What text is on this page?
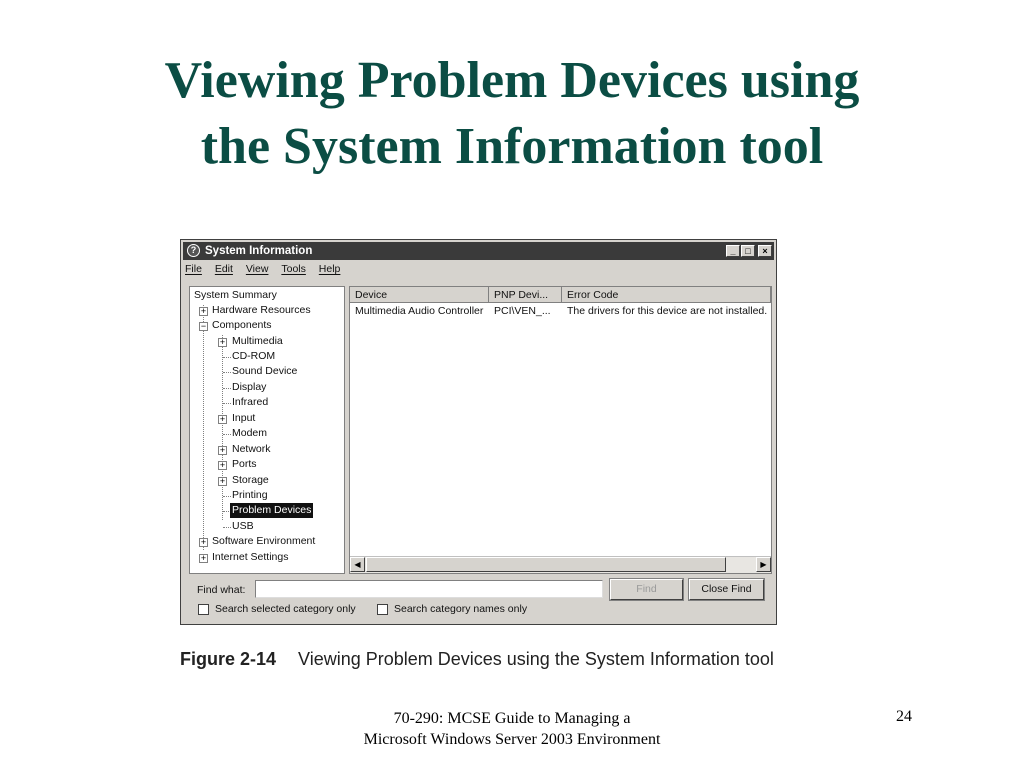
Viewing Problem Devices using
the System Information tool
? System Information	_	□	×
File Edit View Tools Help
System Summary
+ Hardware Resources
− Components
+ Multimedia
CD-ROM
Sound Device
Display
Infrared
+ Input
Modem
+ Network
+ Ports
+ Storage
Printing
Problem Devices
USB
+ Software Environment
+ Internet Settings
Device	PNP Devi...	Error Code
Multimedia Audio Controller	PCI\VEN_...	The drivers for this device are not installed.
◀	▶
Find what:	Find	Close Find
Search selected category only	Search category names only
Figure 2-14 Viewing Problem Devices using the System Information tool
70-290: MCSE Guide to Managing a
Microsoft Windows Server 2003 Environment
24
